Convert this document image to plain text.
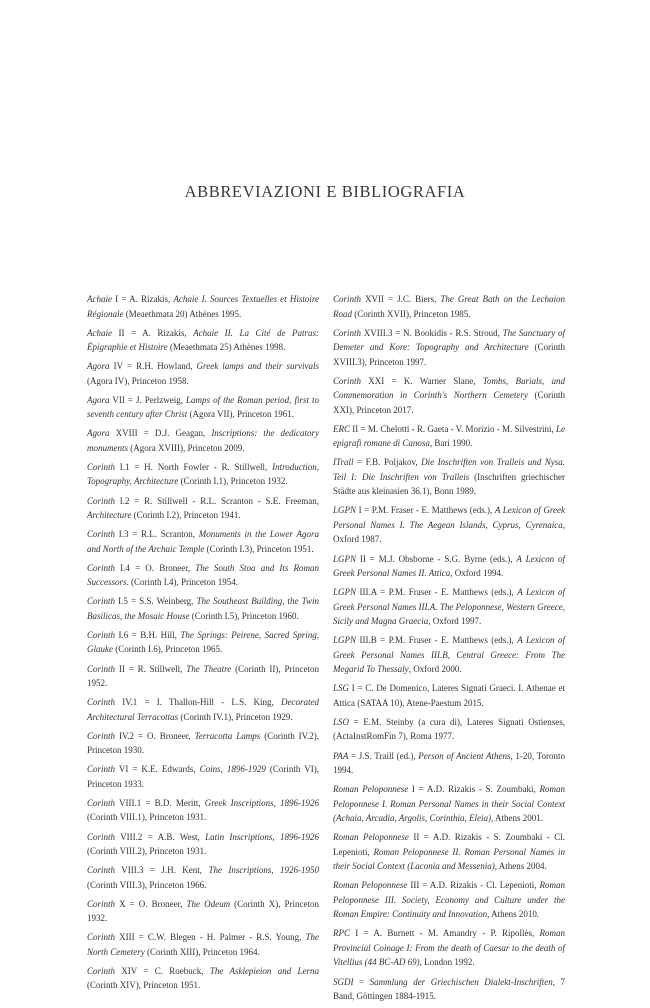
ABBREVIAZIONI E BIBLIOGRAFIA

Achaie I = A. Rizakis, Achaie I. Sources Textuelles et Histoire Régionale (Meaethmata 20) Athènes 1995.

Achaie II = A. Rizakis, Achaie II. La Cité de Patras: Épigraphie et Histoire (Meaethmata 25) Athènes 1998.

Agora IV = R.H. Howland, Greek lamps and their survivals (Agora IV), Princeton 1958.

Agora VII = J. Perlzweig, Lamps of the Roman period, first to seventh century after Christ (Agora VII), Princeton 1961.

Agora XVIII = D.J. Geagan, Inscriptions: the dedicatory monuments (Agora XVIII), Princeton 2009.

Corinth I.1 = H. North Fowler - R. Stillwell, Introduction, Topography, Architecture (Corinth I.1), Princeton 1932.

Corinth I.2 = R. Stillwell - R.L. Scranton - S.E. Freeman, Architecture (Corinth I.2), Princeton 1941.

Corinth I.3 = R.L. Scranton, Monuments in the Lower Agora and North of the Archaic Temple (Corinth I.3), Princeton 1951.

Corinth I.4 = O. Broneer, The South Stoa and Its Roman Successors. (Corinth I.4), Princeton 1954.

Corinth I.5 = S.S. Weinberg, The Southeast Building, the Twin Basilicas, the Mosaic House (Corinth I.5), Princeton 1960.

Corinth I.6 = B.H. Hill, The Springs: Peirene, Sacred Spring, Glauke (Corinth I.6), Princeton 1965.

Corinth II = R. Stillwell, The Theatre (Corinth II), Princeton 1952.

Corinth IV.1 = I. Thallon-Hill - L.S. King, Decorated Architectural Terracottas (Corinth IV.1), Princeton 1929.

Corinth IV.2 = O. Broneer, Terracotta Lamps (Corinth IV.2), Princeton 1930.

Corinth VI = K.E. Edwards, Coins, 1896-1929 (Corinth VI), Princeton 1933.

Corinth VIII.1 = B.D. Meritt, Greek Inscriptions, 1896-1926 (Corinth VIII.1), Princeton 1931.

Corinth VIII.2 = A.B. West, Latin Inscriptions, 1896-1926 (Corinth VIII.2), Princeton 1931.

Corinth VIII.3 = J.H. Kent, The Inscriptions, 1926-1950 (Corinth VIII.3), Princeton 1966.

Corinth X = O. Broneer, The Odeum (Corinth X), Princeton 1932.

Corinth XIII = C.W. Blegen - H. Palmer - R.S. Young, The North Cemetery (Corinth XIII), Princeton 1964.

Corinth XIV = C. Roebuck, The Asklepieion and Lerna (Corinth XIV), Princeton 1951.

Corinth XVII = J.C. Biers, The Great Bath on the Lechaion Road (Corinth XVII), Princeton 1985.

Corinth XVIII.3 = N. Bookidis - R.S. Stroud, The Sanctuary of Demeter and Kore: Topography and Architecture (Corinth XVIII.3), Princeton 1997.

Corinth XXI = K. Warner Slane, Tombs, Burials, and Commemoration in Corinth's Northern Cemetery (Corinth XXI), Princeton 2017.

ERC II = M. Chelotti - R. Gaeta - V. Morizio - M. Silvestrini, Le epigrafi romane di Canosa, Bari 1990.

ITrall = F.B. Poljakov, Die Inschriften von Tralleis und Nysa. Teil I: Die Inschriften von Tralleis (Inschriften griechischer Städte aus kleinasien 36.1), Bonn 1989.

LGPN I = P.M. Fraser - E. Matthews (eds.), A Lexicon of Greek Personal Names I. The Aegean Islands, Cyprus, Cyrenaica, Oxford 1987.

LGPN II = M.J. Obsborne - S.G. Byrne (eds.), A Lexicon of Greek Personal Names II. Attica, Oxford 1994.

LGPN III.A = P.M. Fraser - E. Matthews (eds.), A Lexicon of Greek Personal Names III.A. The Peloponnese, Western Greece, Sicily and Magna Graecia, Oxford 1997.

LGPN III.B = P.M. Fraser - E. Matthews (eds.), A Lexicon of Greek Personal Names III.B, Central Greece: From The Megarid To Thessaly, Oxford 2000.

LSG I = C. De Domenico, Lateres Signati Graeci. I. Athenae et Attica (SATAA 10), Atene-Paestum 2015.

LSO = E.M. Steinby (a cura di), Lateres Signati Ostienses, (ActaInstRomFin 7), Roma 1977.

PAA = J.S. Traill (ed.), Person of Ancient Athens, 1-20, Toronto 1994.

Roman Peloponnese I = A.D. Rizakis - S. Zoumbaki, Roman Peloponnese I. Roman Personal Names in their Social Context (Achaia, Arcadia, Argolis, Corinthia, Eleia), Athens 2001.

Roman Peloponnese II = A.D. Rizakis - S. Zoumbaki - Cl. Lepenioti, Roman Peloponnese II. Roman Personal Names in their Social Context (Laconia and Messenia), Athens 2004.

Roman Peloponnese III = A.D. Rizakis - Cl. Lepenioti, Roman Peloponnese III. Society, Economy and Culture under the Roman Empire: Continuity and Innovation, Athens 2010.

RPC I = A. Burnett - M. Amandry - P. Ripollès, Roman Provincial Coinage I: From the death of Caesar to the death of Vitellius (44 BC-AD 69), London 1992.

SGDI = Sammlung der Griechischen Dialekt-Inschriften, 7 Band, Göttingen 1884-1915.
